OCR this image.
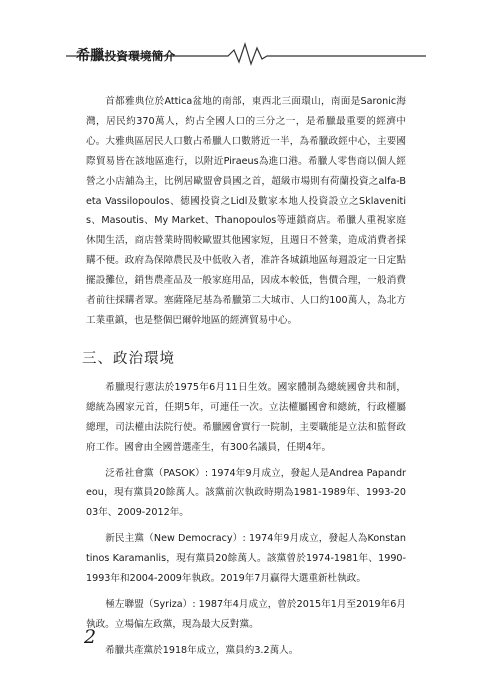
希臘投資環境簡介

首都雅典位於Attica盆地的南部，東西北三面環山，南面是Saronic海灣，居民約370萬人，約占全國人口的三分之一，是希臘最重要的經濟中心。大雅典區居民人口數占希臘人口數將近一半，為希臘政經中心，主要國際貿易皆在該地區進行，以附近Piraeus為進口港。希臘人零售商以個人經營之小店舖為主，比例居歐盟會員國之首，超級市場則有荷蘭投資之alfa-Beta Vassilopoulos、德國投資之Lidl及數家本地人投資設立之Sklavenitis、Masoutis、My Market、Thanopoulos等連鎖商店。希臘人重視家庭休閒生活，商店營業時間較歐盟其他國家短，且週日不營業，造成消費者採購不便。政府為保障農民及中低收入者，准許各城鎮地區每週設定一日定點擺設攤位，銷售農產品及一般家庭用品，因成本較低，售價合理，一般消費者前往採購者眾。塞薩隆尼基為希臘第二大城市、人口約100萬人，為北方工業重鎮，也是整個巴爾幹地區的經濟貿易中心。

三、政治環境

希臘現行憲法於1975年6月11日生效。國家體制為總統國會共和制，總統為國家元首，任期5年，可連任一次。立法權屬國會和總統，行政權屬總理，司法權由法院行使。希臘國會實行一院制，主要職能是立法和監督政府工作。國會由全國普選產生，有300名議員，任期4年。

泛希社會黨（PASOK）: 1974年9月成立，發起人是Andrea Papandreou，現有黨員20餘萬人。該黨前次執政時期為1981-1989年、1993-2003年、2009-2012年。

新民主黨（New Democracy）: 1974年9月成立，發起人為Konstantinos Karamanlis，現有黨員20餘萬人。該黨曾於1974-1981年、1990-1993年和2004-2009年執政。2019年7月贏得大選重新杜執政。

極左聯盟（Syriza）: 1987年4月成立，曾於2015年1月至2019年6月執政。立場偏左政黨，現為最大反對黨。

希臘共產黨於1918年成立，黨員約3.2萬人。

2
